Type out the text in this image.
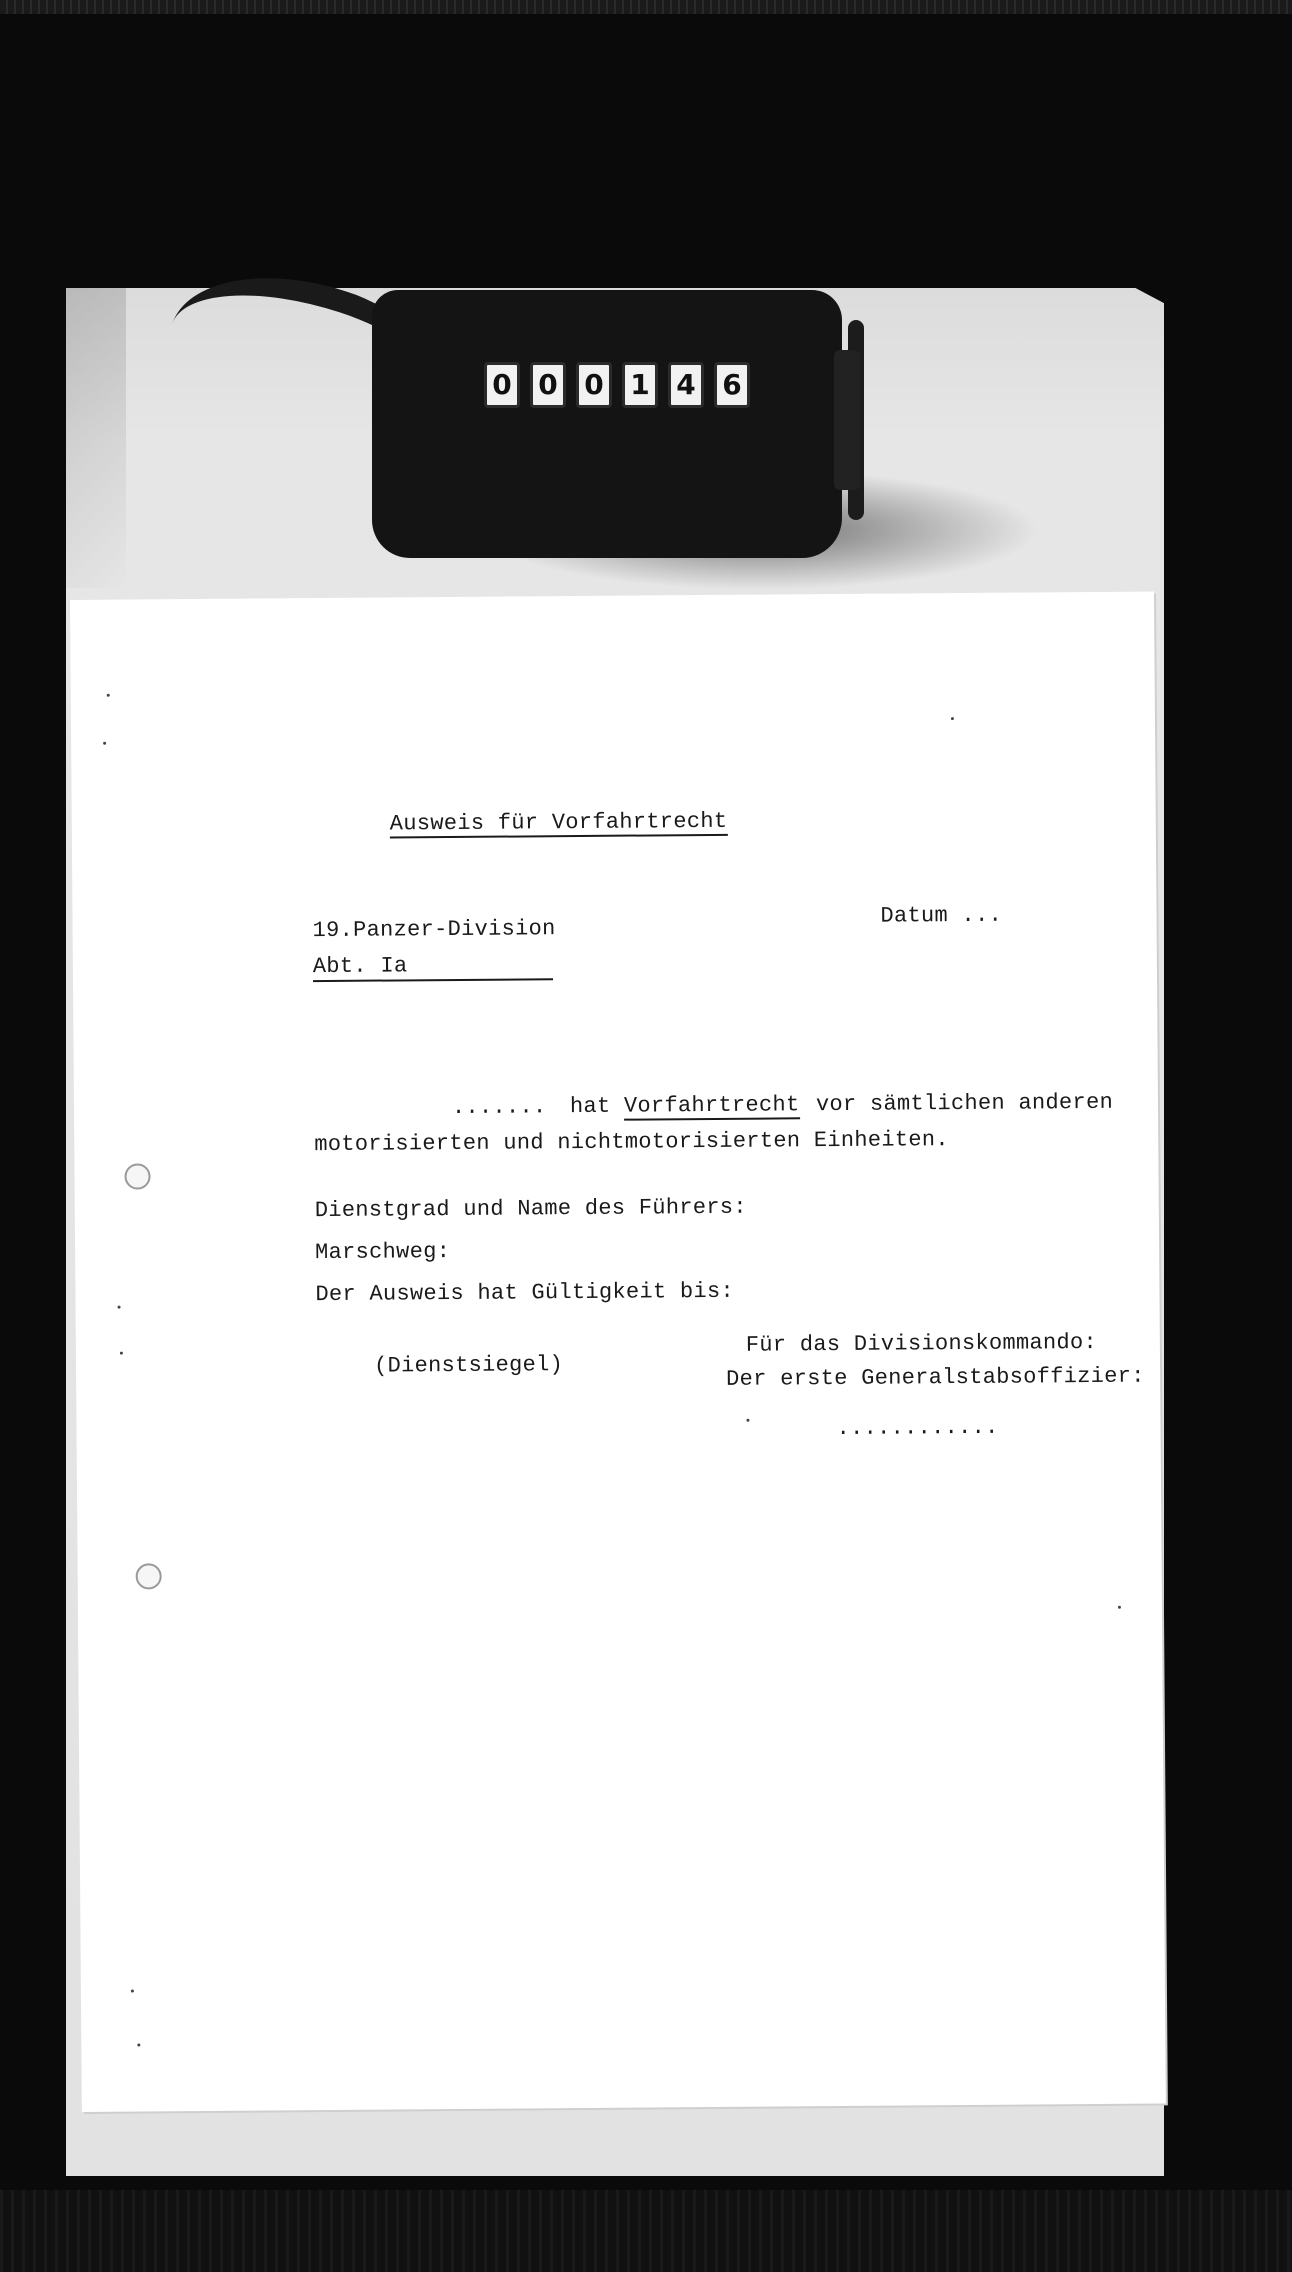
0 0 0 1 4 6
Ausweis für Vorfahrtrecht
19.Panzer-Division
Abt. Ia
Datum ...
....... hat Vorfahrtrecht vor sämtlichen anderen
motorisierten und nichtmotorisierten Einheiten.
Dienstgrad und Name des Führers:
Marschweg:
Der Ausweis hat Gültigkeit bis:
(Dienstsiegel)
Für das Divisionskommando:
Der erste Generalstabsoffizier:
............
